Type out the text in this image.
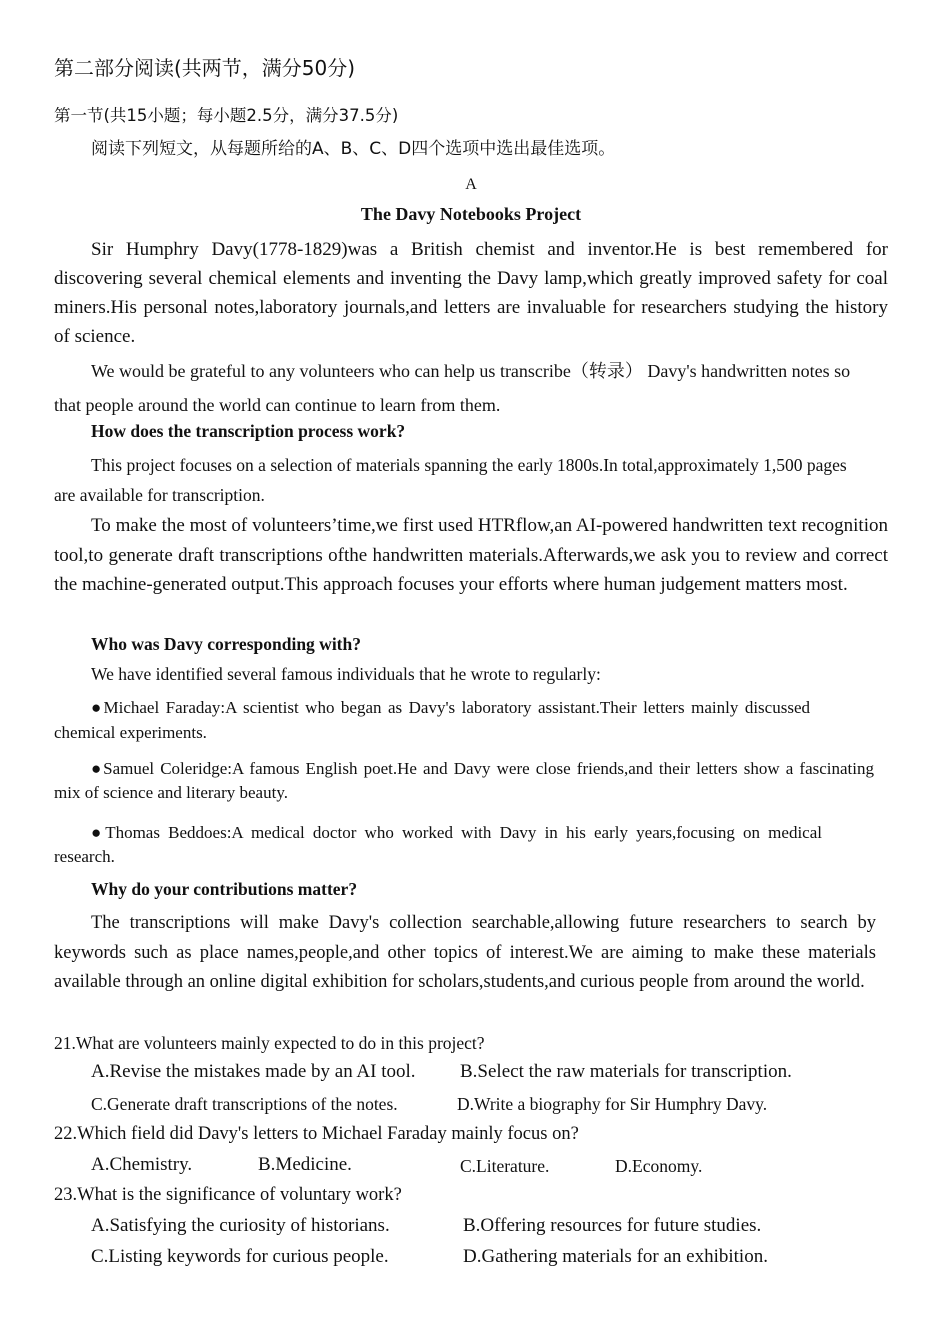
第二部分阅读(共两节，满分50分)
第一节(共15小题；每小题2.5分，满分37.5分)
阅读下列短文，从每题所给的A、B、C、D四个选项中选出最佳选项。
A
The Davy Notebooks Project

Sir Humphry Davy(1778-1829)was a British chemist and inventor.He is best remembered for discovering several chemical elements and inventing the Davy lamp,which greatly improved safety for coal miners.His personal notes,laboratory journals,and letters are invaluable for researchers studying the history of science.

We would be grateful to any volunteers who can help us transcribe（转录） Davy's handwritten notes so that people around the world can continue to learn from them.

How does the transcription process work?

This project focuses on a selection of materials spanning the early 1800s.In total,approximately 1,500 pages are available for transcription.

To make the most of volunteers’time,we first used HTRflow,an AI-powered handwritten text recognition tool,to generate draft transcriptions ofthe handwritten materials.Afterwards,we ask you to review and correct the machine-generated output.This approach focuses your efforts where human judgement matters most.

Who was Davy corresponding with?
We have identified several famous individuals that he wrote to regularly:

●Michael Faraday:A scientist who began as Davy's laboratory assistant.Their letters mainly discussed chemical experiments.

●Samuel Coleridge:A famous English poet.He and Davy were close friends,and their letters show a fascinating mix of science and literary beauty.

●Thomas Beddoes:A medical doctor who worked with Davy in his early years,focusing on medical research.

Why do your contributions matter?

The transcriptions will make Davy's collection searchable,allowing future researchers to search by keywords such as place names,people,and other topics of interest.We are aiming to make these materials available through an online digital exhibition for scholars,students,and curious people from around the world.

21.What are volunteers mainly expected to do in this project?
A.Revise the mistakes made by an AI tool. B.Select the raw materials for transcription.
C.Generate draft transcriptions of the notes.	D.Write a biography for Sir Humphry Davy.
22.Which field did Davy's letters to Michael Faraday mainly focus on?
A.Chemistry.	B.Medicine.	C.Literature.	D.Economy.
23.What is the significance of voluntary work?
A.Satisfying the curiosity of historians.	B.Offering resources for future studies.
C.Listing keywords for curious people.	D.Gathering materials for an exhibition.
